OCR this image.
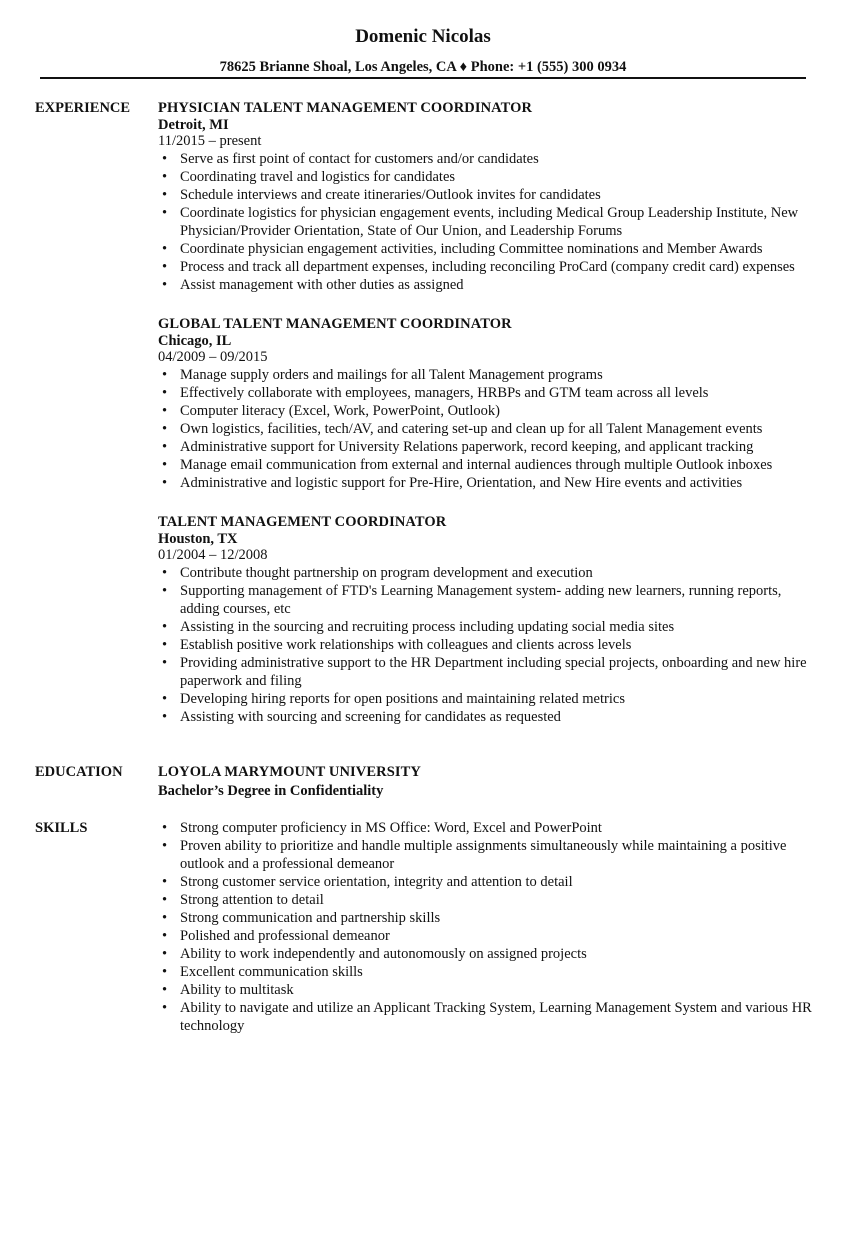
Domenic Nicolas
78625 Brianne Shoal, Los Angeles, CA ♦ Phone: +1 (555) 300 0934
EXPERIENCE	PHYSICIAN TALENT MANAGEMENT COORDINATOR
Detroit, MI
11/2015 – present
• Serve as first point of contact for customers and/or candidates
• Coordinating travel and logistics for candidates
• Schedule interviews and create itineraries/Outlook invites for candidates
• Coordinate logistics for physician engagement events, including Medical Group Leadership Institute, New Physician/Provider Orientation, State of Our Union, and Leadership Forums
• Coordinate physician engagement activities, including Committee nominations and Member Awards
• Process and track all department expenses, including reconciling ProCard (company credit card) expenses
• Assist management with other duties as assigned
GLOBAL TALENT MANAGEMENT COORDINATOR
Chicago, IL
04/2009 – 09/2015
• Manage supply orders and mailings for all Talent Management programs
• Effectively collaborate with employees, managers, HRBPs and GTM team across all levels
• Computer literacy (Excel, Work, PowerPoint, Outlook)
• Own logistics, facilities, tech/AV, and catering set-up and clean up for all Talent Management events
• Administrative support for University Relations paperwork, record keeping, and applicant tracking
• Manage email communication from external and internal audiences through multiple Outlook inboxes
• Administrative and logistic support for Pre-Hire, Orientation, and New Hire events and activities
TALENT MANAGEMENT COORDINATOR
Houston, TX
01/2004 – 12/2008
• Contribute thought partnership on program development and execution
• Supporting management of FTD's Learning Management system- adding new learners, running reports, adding courses, etc
• Assisting in the sourcing and recruiting process including updating social media sites
• Establish positive work relationships with colleagues and clients across levels
• Providing administrative support to the HR Department including special projects, onboarding and new hire paperwork and filing
• Developing hiring reports for open positions and maintaining related metrics
• Assisting with sourcing and screening for candidates as requested
EDUCATION	LOYOLA MARYMOUNT UNIVERSITY
Bachelor’s Degree in Confidentiality
SKILLS	• Strong computer proficiency in MS Office: Word, Excel and PowerPoint
• Proven ability to prioritize and handle multiple assignments simultaneously while maintaining a positive outlook and a professional demeanor
• Strong customer service orientation, integrity and attention to detail
• Strong attention to detail
• Strong communication and partnership skills
• Polished and professional demeanor
• Ability to work independently and autonomously on assigned projects
• Excellent communication skills
• Ability to multitask
• Ability to navigate and utilize an Applicant Tracking System, Learning Management System and various HR technology
